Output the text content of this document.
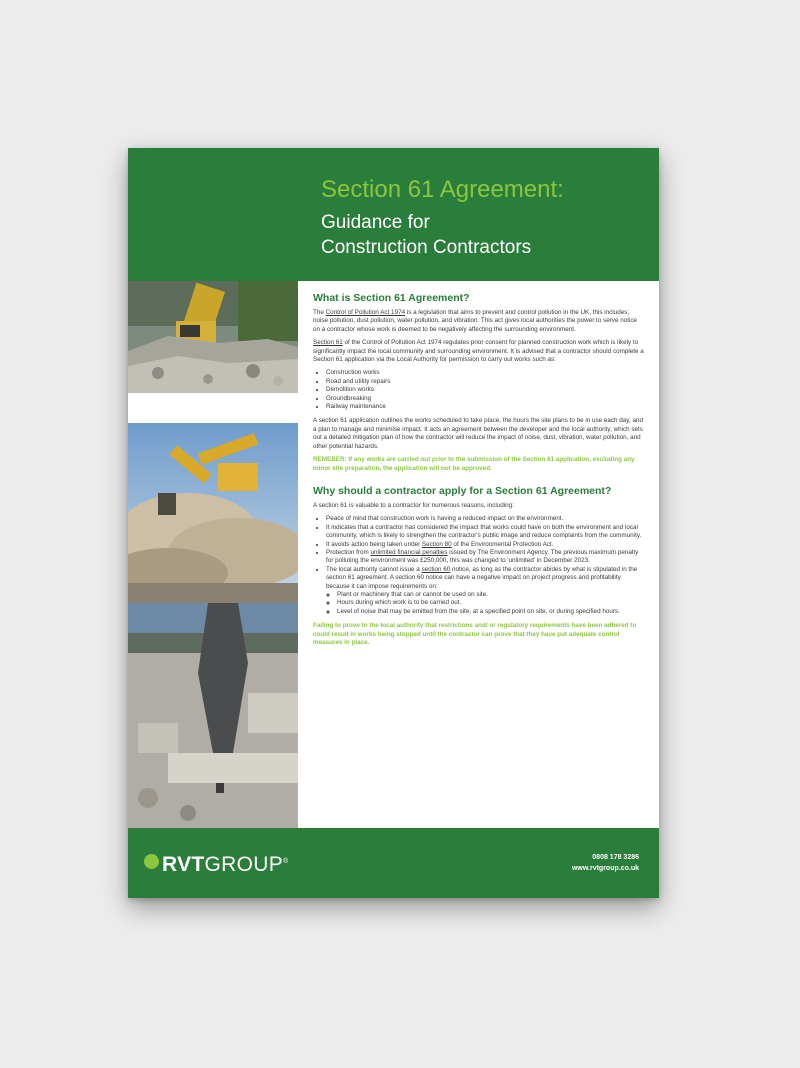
Section 61 Agreement:
Guidance for
Construction Contractors
What is Section 61 Agreement?

The Control of Pollution Act 1974 is a legislation that aims to prevent and control pollution in the UK, this includes; noise pollution, dust pollution, water pollution, and vibration. This act gives local authorities the power to serve notice on a contractor whose work is deemed to be negatively affecting the surrounding environment.

Section 61 of the Control of Pollution Act 1974 regulates prior consent for planned construction work which is likely to significantly impact the local community and surrounding environment. It is advised that a contractor should complete a Section 61 application via the Local Authority for permission to carry out works such as:

• Construction works
• Road and utility repairs
• Demolition works
• Groundbreaking
• Railway maintenance

A section 61 application outlines the works scheduled to take place, the hours the site plans to be in use each day, and a plan to manage and minimise impact. It acts an agreement between the developer and the local authority, which sets out a detailed mitigation plan of how the contractor will reduce the impact of noise, dust, vibration, water pollution, and other potential hazards.

REMEBER: If any works are carried out prior to the submission of the Section 61 application, excluding any minor site preparation, the application will not be approved.

Why should a contractor apply for a Section 61 Agreement?

A section 61 is valuable to a contractor for numerous reasons, including:

• Peace of mind that construction work is having a reduced impact on the environment.
• It indicates that a contractor has considered the impact that works could have on both the environment and local community, which is likely to strengthen the contractor's public image and reduce complaints from the community.
• It avoids action being taken under Section 80 of the Environmental Protection Act.
• Protection from unlimited financial penalties issued by The Environment Agency. The previous maximum penalty for polluting the environment was £250,000, this was changed to 'unlimited' in December 2023.
• The local authority cannot issue a section 60 notice, as long as the contractor abides by what is stipulated in the section 61 agreement. A section 60 notice can have a negative impact on project progress and profitability because it can impose requirements on:
◦ Plant or machinery that can or cannot be used on site.
◦ Hours during which work is to be carried out.
◦ Level of noise that may be emitted from the site, at a specified point on site, or during specified hours.

Failing to prove to the local authority that restrictions and/ or regulatory requirements have been adhered to could result in works being stopped until the contractor can prove that they have put adequate control measures in place.

RVTGROUP®
0808 178 3286
www.rvtgroup.co.uk
